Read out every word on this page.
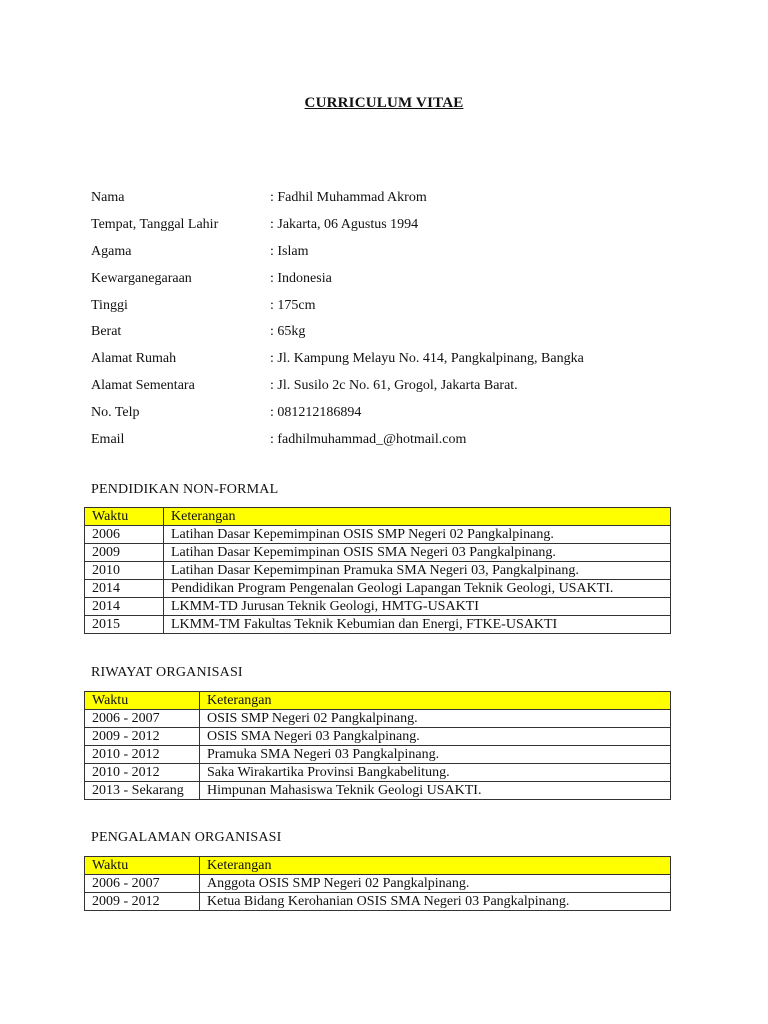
CURRICULUM VITAE
Nama	: Fadhil Muhammad Akrom
Tempat, Tanggal Lahir	: Jakarta, 06 Agustus 1994
Agama	: Islam
Kewarganegaraan	: Indonesia
Tinggi	: 175cm
Berat	: 65kg
Alamat Rumah	: Jl. Kampung Melayu No. 414, Pangkalpinang, Bangka
Alamat Sementara	: Jl. Susilo 2c No. 61, Grogol, Jakarta Barat.
No. Telp	: 081212186894
Email	: fadhilmuhammad_@hotmail.com
PENDIDIKAN NON-FORMAL
Waktu	Keterangan
2006	Latihan Dasar Kepemimpinan OSIS SMP Negeri 02 Pangkalpinang.
2009	Latihan Dasar Kepemimpinan OSIS SMA Negeri 03 Pangkalpinang.
2010	Latihan Dasar Kepemimpinan Pramuka SMA Negeri 03, Pangkalpinang.
2014	Pendidikan Program Pengenalan Geologi Lapangan Teknik Geologi, USAKTI.
2014	LKMM-TD Jurusan Teknik Geologi, HMTG-USAKTI
2015	LKMM-TM Fakultas Teknik Kebumian dan Energi, FTKE-USAKTI
RIWAYAT ORGANISASI
Waktu	Keterangan
2006 - 2007	OSIS SMP Negeri 02 Pangkalpinang.
2009 - 2012	OSIS SMA Negeri 03 Pangkalpinang.
2010 - 2012	Pramuka SMA Negeri 03 Pangkalpinang.
2010 - 2012	Saka Wirakartika Provinsi Bangkabelitung.
2013 - Sekarang	Himpunan Mahasiswa Teknik Geologi USAKTI.
PENGALAMAN ORGANISASI
Waktu	Keterangan
2006 - 2007	Anggota OSIS SMP Negeri 02 Pangkalpinang.
2009 - 2012	Ketua Bidang Kerohanian OSIS SMA Negeri 03 Pangkalpinang.
